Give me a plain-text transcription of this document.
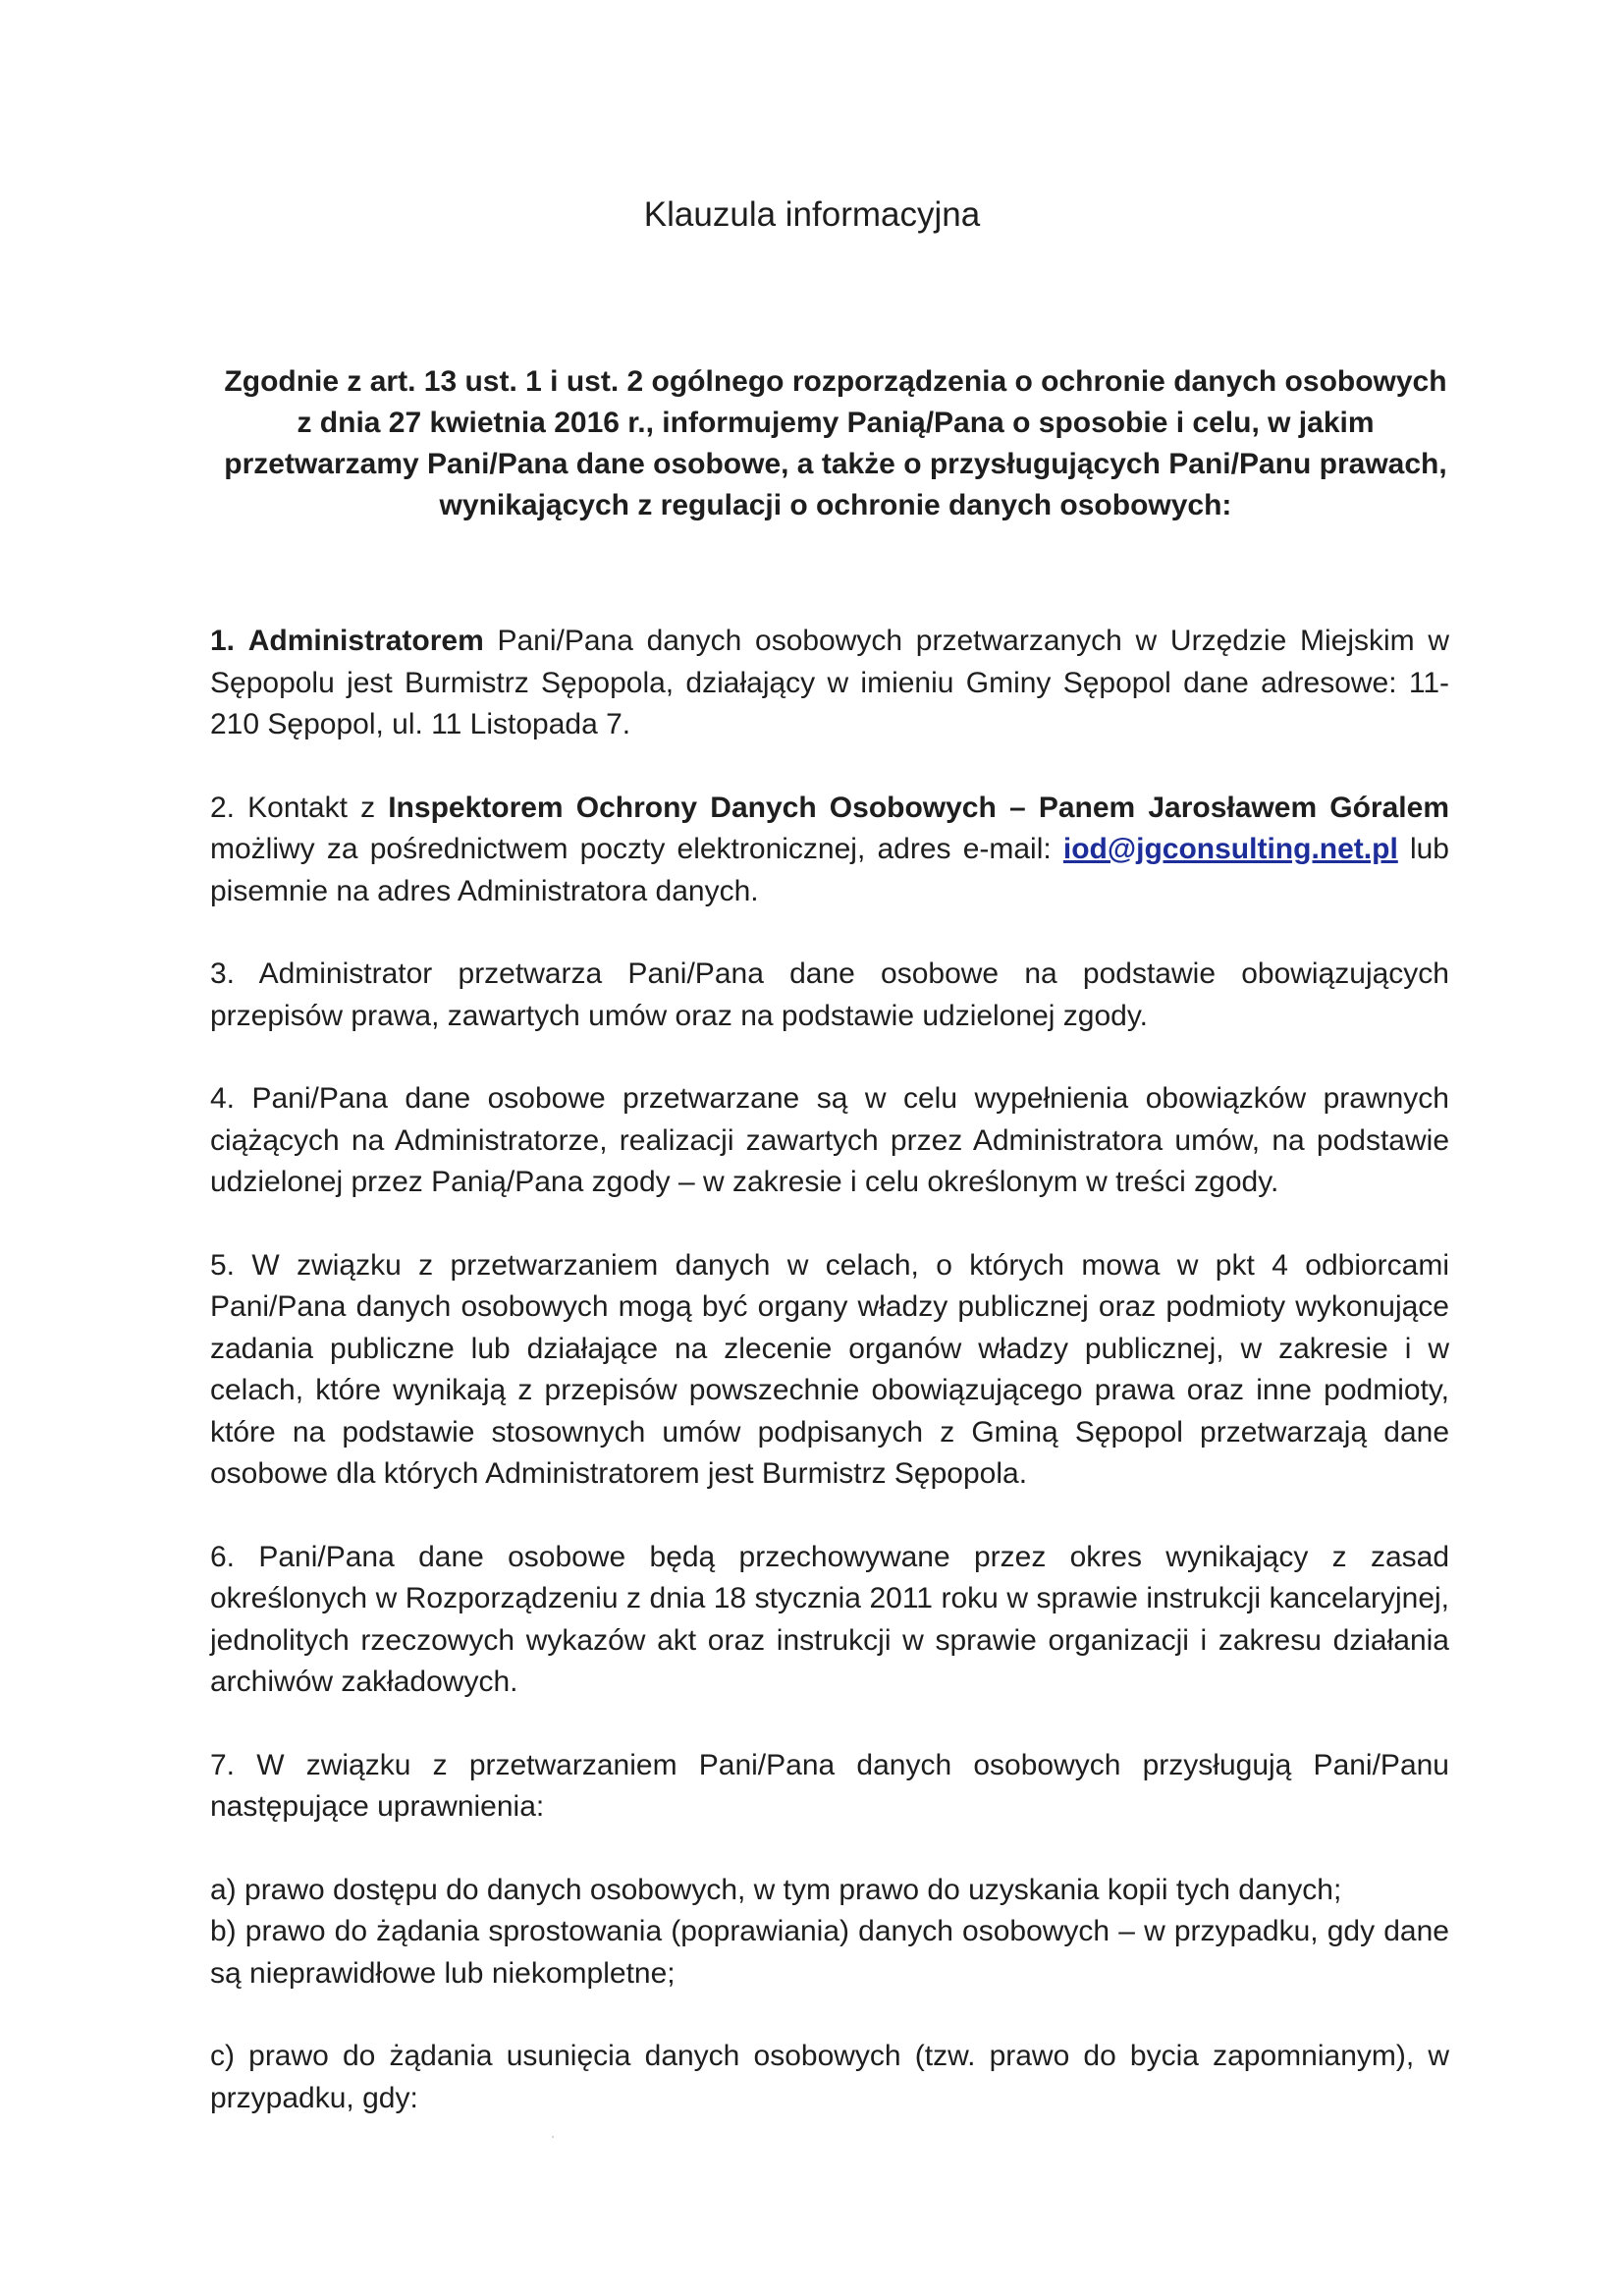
Klauzula informacyjna
Zgodnie z art. 13 ust. 1 i ust. 2 ogólnego rozporządzenia o ochronie danych osobowych z dnia 27 kwietnia 2016 r., informujemy Panią/Pana o sposobie i celu, w jakim przetwarzamy Pani/Pana dane osobowe, a także o przysługujących Pani/Panu prawach, wynikających z regulacji o ochronie danych osobowych:

1. Administratorem Pani/Pana danych osobowych przetwarzanych w Urzędzie Miejskim w Sępopolu jest Burmistrz Sępopola, działający w imieniu Gminy Sępopol dane adresowe: 11-210 Sępopol, ul. 11 Listopada 7.

2. Kontakt z Inspektorem Ochrony Danych Osobowych – Panem Jarosławem Góralem możliwy za pośrednictwem poczty elektronicznej, adres e-mail: iod@jgconsulting.net.pl lub pisemnie na adres Administratora danych.

3. Administrator przetwarza Pani/Pana dane osobowe na podstawie obowiązujących przepisów prawa, zawartych umów oraz na podstawie udzielonej zgody.

4. Pani/Pana dane osobowe przetwarzane są w celu wypełnienia obowiązków prawnych ciążących na Administratorze, realizacji zawartych przez Administratora umów, na podstawie udzielonej przez Panią/Pana zgody – w zakresie i celu określonym w treści zgody.

5. W związku z przetwarzaniem danych w celach, o których mowa w pkt 4 odbiorcami Pani/Pana danych osobowych mogą być organy władzy publicznej oraz podmioty wykonujące zadania publiczne lub działające na zlecenie organów władzy publicznej, w zakresie i w celach, które wynikają z przepisów powszechnie obowiązującego prawa oraz inne podmioty, które na podstawie stosownych umów podpisanych z Gminą Sępopol przetwarzają dane osobowe dla których Administratorem jest Burmistrz Sępopola.

6. Pani/Pana dane osobowe będą przechowywane przez okres wynikający z zasad określonych w Rozporządzeniu z dnia 18 stycznia 2011 roku w sprawie instrukcji kancelaryjnej, jednolitych rzeczowych wykazów akt oraz instrukcji w sprawie organizacji i zakresu działania archiwów zakładowych.

7. W związku z przetwarzaniem Pani/Pana danych osobowych przysługują Pani/Panu następujące uprawnienia:

a) prawo dostępu do danych osobowych, w tym prawo do uzyskania kopii tych danych;

b) prawo do żądania sprostowania (poprawiania) danych osobowych – w przypadku, gdy dane są nieprawidłowe lub niekompletne;

c) prawo do żądania usunięcia danych osobowych (tzw. prawo do bycia zapomnianym), w przypadku, gdy:
